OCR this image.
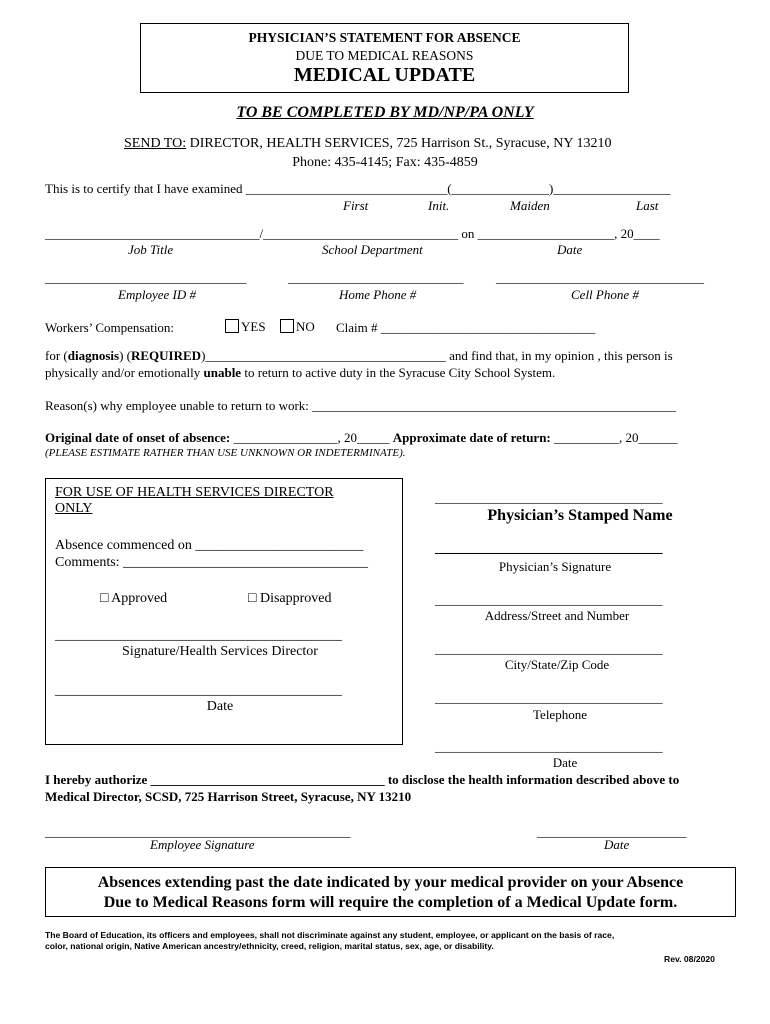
PHYSICIAN’S STATEMENT FOR ABSENCE
DUE TO MEDICAL REASONS
MEDICAL UPDATE
TO BE COMPLETED BY MD/NP/PA ONLY
SEND TO: DIRECTOR, HEALTH SERVICES, 725 Harrison St., Syracuse, NY 13210
Phone: 435-4145; Fax: 435-4859
This is to certify that I have examined _______________________________(_______________)__________________
First	Init.	Maiden	Last
_________________________________/______________________________ on _____________________, 20____
Job Title	School Department	Date
_______________________________	___________________________	________________________________
Employee ID #	Home Phone #	Cell Phone #
Workers’ Compensation:	YES	NO Claim # _________________________________
for (diagnosis) (REQUIRED)_____________________________________ and find that, in my opinion , this person is
physically and/or emotionally unable to return to active duty in the Syracuse City School System.
Reason(s) why employee unable to return to work: ________________________________________________________
Original date of onset of absence: ________________, 20_____ Approximate date of return: __________, 20______
(PLEASE ESTIMATE RATHER THAN USE UNKNOWN OR INDETERMINATE).
FOR USE OF HEALTH SERVICES DIRECTOR
ONLY
Absence commenced on ________________________
Comments: ___________________________________
□ Approved	□ Disapproved
_________________________________________
Signature/Health Services Director
_________________________________________
Date
___________________________________
Physician’s Stamped Name
___________________________________
Physician’s Signature
___________________________________
Address/Street and Number
___________________________________
City/State/Zip Code
___________________________________
Telephone
___________________________________
Date
I hereby authorize ____________________________________ to disclose the health information described above to
Medical Director, SCSD, 725 Harrison Street, Syracuse, NY 13210
_______________________________________________
Employee Signature
_______________________
Date
Absences extending past the date indicated by your medical provider on your Absence
Due to Medical Reasons form will require the completion of a Medical Update form.
The Board of Education, its officers and employees, shall not discriminate against any student, employee, or applicant on the basis of race,
color, national origin, Native American ancestry/ethnicity, creed, religion, marital status, sex, age, or disability.
Rev. 08/2020
